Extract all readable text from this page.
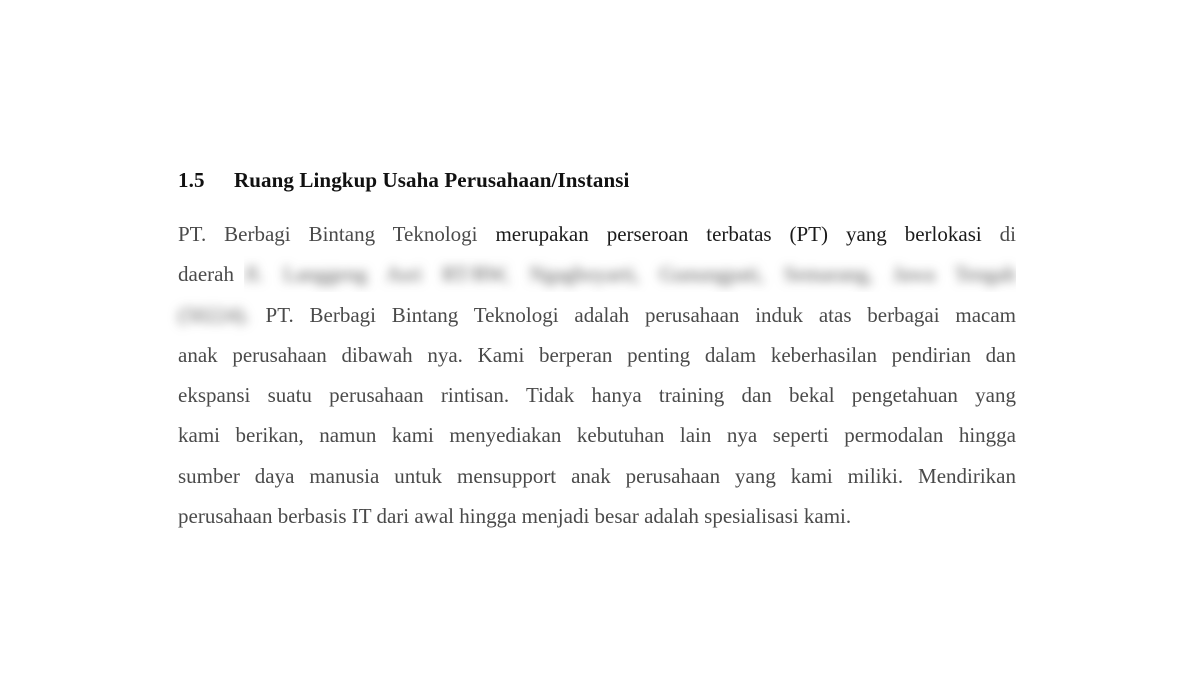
1.5 Ruang Lingkup Usaha Perusahaan/Instansi
PT. Berbagi Bintang Teknologi merupakan perseroan terbatas (PT) yang berlokasi di
daerah Jl. Langgeng Asri RT/RW, Ngagboyarti, Gunungpati, Semarang, Jawa Tengah
(50224). PT. Berbagi Bintang Teknologi adalah perusahaan induk atas berbagai macam
anak perusahaan dibawah nya. Kami berperan penting dalam keberhasilan pendirian dan
ekspansi suatu perusahaan rintisan. Tidak hanya training dan bekal pengetahuan yang
kami berikan, namun kami menyediakan kebutuhan lain nya seperti permodalan hingga
sumber daya manusia untuk mensupport anak perusahaan yang kami miliki. Mendirikan
perusahaan berbasis IT dari awal hingga menjadi besar adalah spesialisasi kami.
